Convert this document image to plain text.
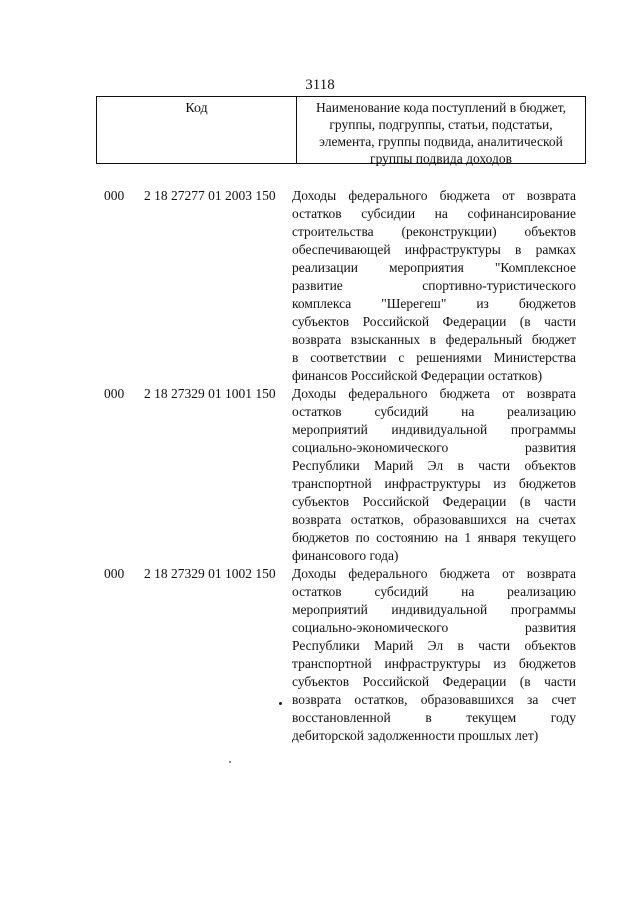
3118
Код	Наименование кода поступлений в бюджет,
группы, подгруппы, статьи, подстатьи,
элемента, группы подвида, аналитической
группы подвида доходов
000	2 18 27277 01 2003 150	Доходы федерального бюджета от возврата
остатков субсидии на софинансирование
строительства (реконструкции) объектов
обеспечивающей инфраструктуры в рамках
реализации мероприятия "Комплексное
развитие спортивно-туристического
комплекса "Шерегеш" из бюджетов
субъектов Российской Федерации (в части
возврата взысканных в федеральный бюджет
в соответствии с решениями Министерства
финансов Российской Федерации остатков)
000	2 18 27329 01 1001 150	Доходы федерального бюджета от возврата
остатков субсидий на реализацию
мероприятий индивидуальной программы
социально-экономического развития
Республики Марий Эл в части объектов
транспортной инфраструктуры из бюджетов
субъектов Российской Федерации (в части
возврата остатков, образовавшихся на счетах
бюджетов по состоянию на 1 января текущего
финансового года)
000	2 18 27329 01 1002 150	Доходы федерального бюджета от возврата
остатков субсидий на реализацию
мероприятий индивидуальной программы
социально-экономического развития
Республики Марий Эл в части объектов
транспортной инфраструктуры из бюджетов
субъектов Российской Федерации (в части
возврата остатков, образовавшихся за счет
восстановленной в текущем году
дебиторской задолженности прошлых лет)
